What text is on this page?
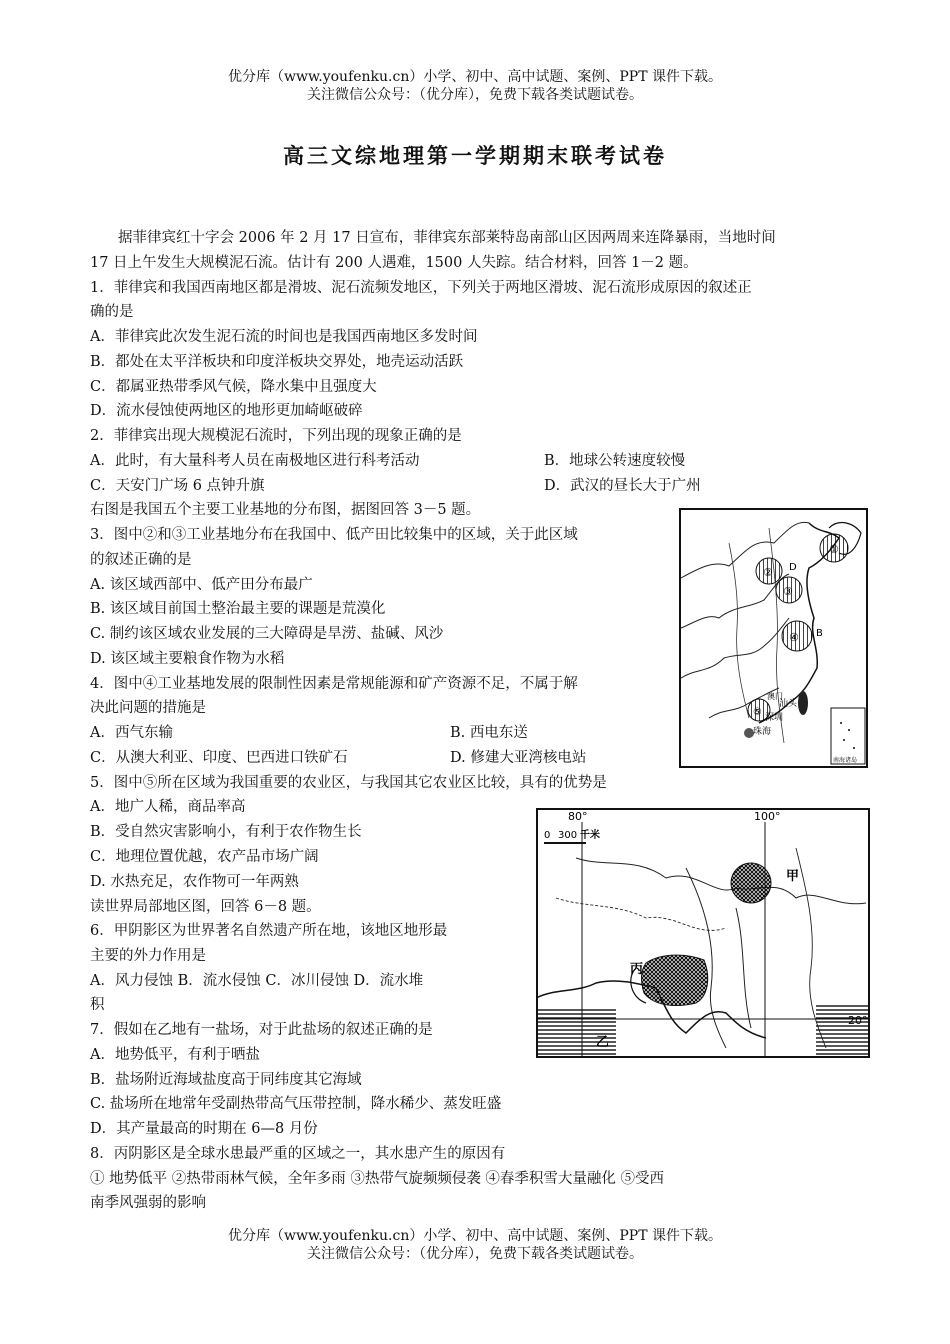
优分库（www.youfenku.cn）小学、初中、高中试题、案例、PPT 课件下载。
关注微信公众号：（优分库），免费下载各类试题试卷。
高三文综地理第一学期期末联考试卷
据菲律宾红十字会 2006 年 2 月 17 日宣布，菲律宾东部莱特岛南部山区因两周来连降暴雨，当地时间
17 日上午发生大规模泥石流。估计有 200 人遇难，1500 人失踪。结合材料，回答 1－2 题。
1．菲律宾和我国西南地区都是滑坡、泥石流频发地区，下列关于两地区滑坡、泥石流形成原因的叙述正
确的是
A．菲律宾此次发生泥石流的时间也是我国西南地区多发时间
B．都处在太平洋板块和印度洋板块交界处，地壳运动活跃
C．都属亚热带季风气候，降水集中且强度大
D．流水侵蚀使两地区的地形更加崎岖破碎
2．菲律宾出现大规模泥石流时，下列出现的现象正确的是
A．此时，有大量科考人员在南极地区进行科考活动	B．地球公转速度较慢
C．天安门广场 6 点钟升旗	D．武汉的昼长大于广州
右图是我国五个主要工业基地的分布图，据图回答 3－5 题。
3．图中②和③工业基地分布在我国中、低产田比较集中的区域，关于此区域
的叙述正确的是
A. 该区域西部中、低产田分布最广
B. 该区域目前国土整治最主要的课题是荒漠化
C. 制约该区域农业发展的三大障碍是旱涝、盐碱、风沙
D. 该区域主要粮食作物为水稻
4．图中④工业基地发展的限制性因素是常规能源和矿产资源不足，不属于解
决此问题的措施是
A．西气东输	B. 西电东送
C．从澳大利亚、印度、巴西进口铁矿石	D. 修建大亚湾核电站
5．图中⑤所在区域为我国重要的农业区，与我国其它农业区比较，具有的优势是
A．地广人稀，商品率高
B．受自然灾害影响小，有利于农作物生长
C．地理位置优越，农产品市场广阔
D. 水热充足，农作物可一年两熟
读世界局部地区图，回答 6－8 题。
6．甲阴影区为世界著名自然遗产所在地，该地区地形最
主要的外力作用是
A．风力侵蚀 B．流水侵蚀 C．冰川侵蚀 D．流水堆
积
7．假如在乙地有一盐场，对于此盐场的叙述正确的是
A．地势低平，有利于晒盐
B．盐场附近海域盐度高于同纬度其它海域
C. 盐场所在地常年受副热带高气压带控制，降水稀少、蒸发旺盛
D．其产量最高的时期在 6—8 月份
8．丙阴影区是全球水患最严重的区域之一，其水患产生的原因有
① 地势低平 ②热带雨林气候，全年多雨 ③热带气旋频频侵袭 ④春季积雪大量融化 ⑤受西
南季风强弱的影响
①
②
③
④
⑤
D
B
汕头
深圳
珠海
澳门
南海诸岛
80°	100°
0 300 千米
甲
丙
乙
20°
优分库（www.youfenku.cn）小学、初中、高中试题、案例、PPT 课件下载。
关注微信公众号：（优分库），免费下载各类试题试卷。
